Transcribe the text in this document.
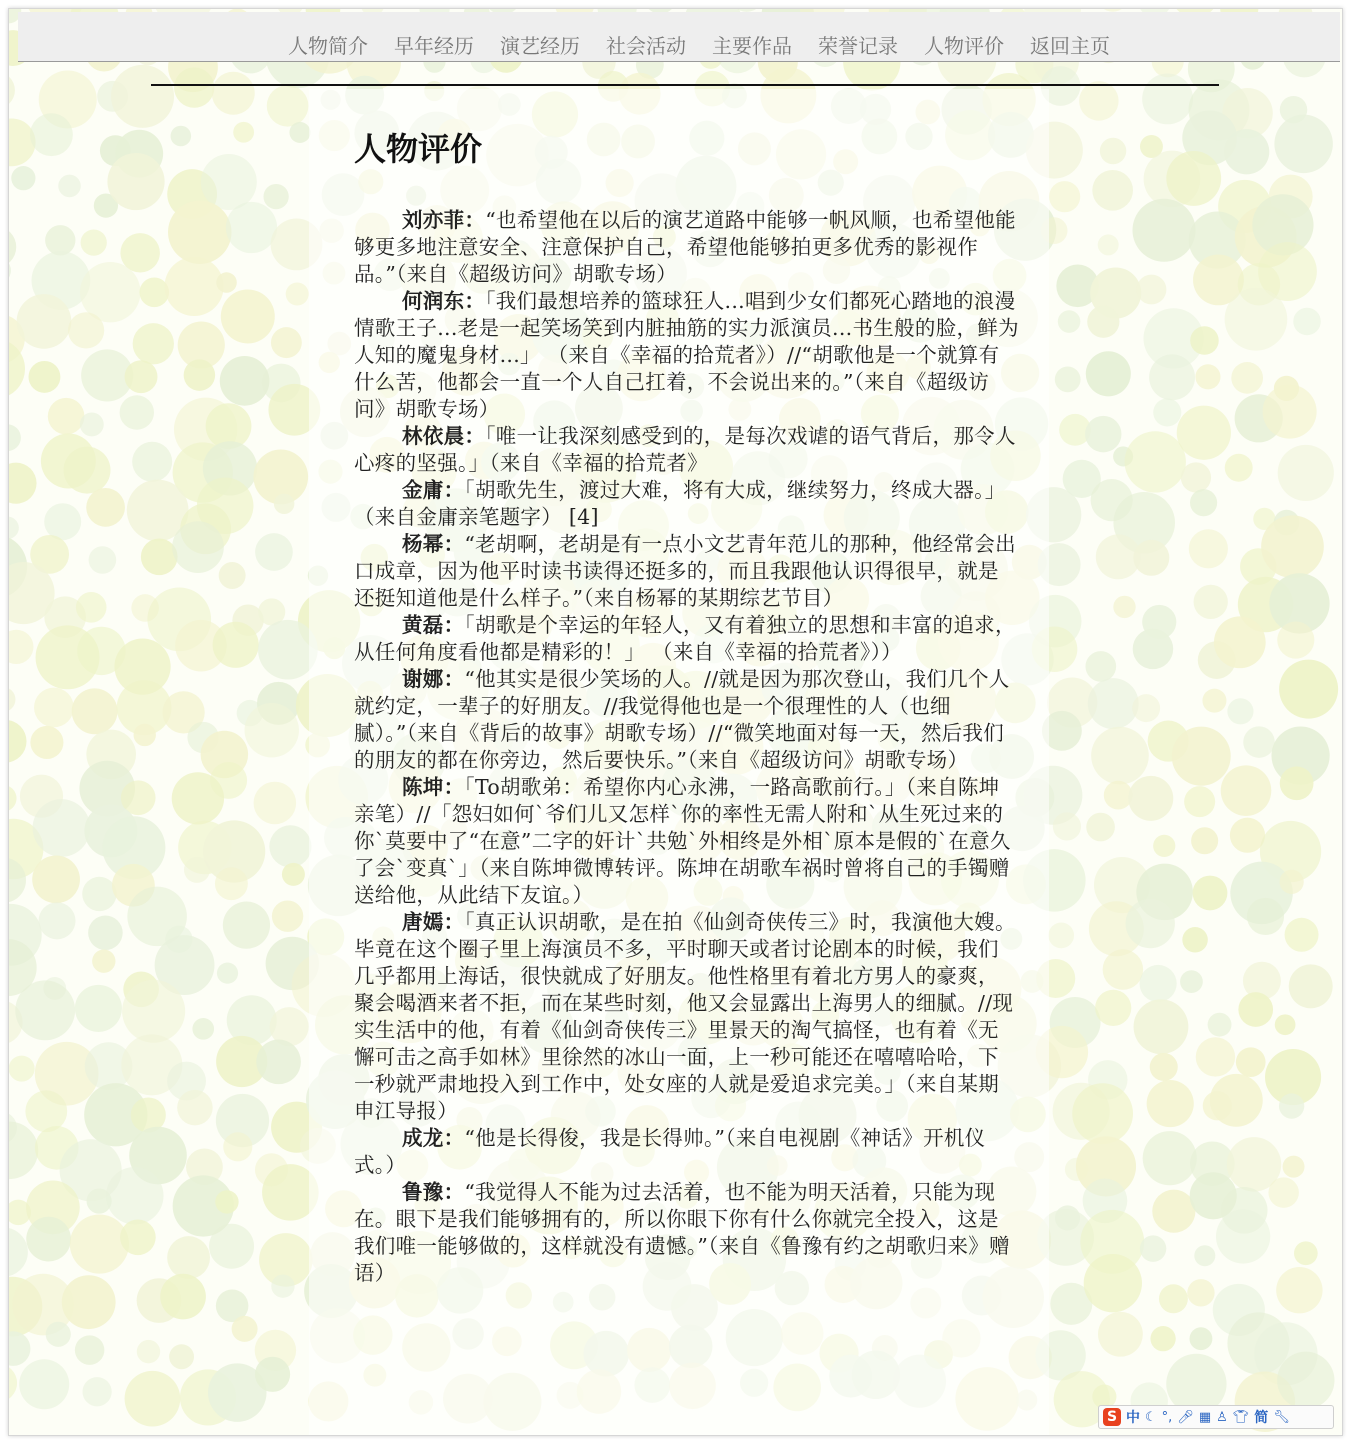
人物简介	早年经历	演艺经历	社会活动	主要作品	荣誉记录	人物评价	返回主页
人物评价

刘亦菲：“也希望他在以后的演艺道路中能够一帆风顺，也希望他能够更多地注意安全、注意保护自己，希望他能够拍更多优秀的影视作品。”（来自《超级访问》胡歌专场）

何润东：「我们最想培养的篮球狂人...唱到少女们都死心踏地的浪漫情歌王子...老是一起笑场笑到内脏抽筋的实力派演员...书生般的脸，鲜为人知的魔鬼身材...」 （来自《幸福的拾荒者》）//“胡歌他是一个就算有什么苦，他都会一直一个人自己扛着，不会说出来的。”（来自《超级访问》胡歌专场）

林依晨：「唯一让我深刻感受到的，是每次戏谑的语气背后，那令人心疼的坚强。」（来自《幸福的拾荒者》

金庸：「胡歌先生，渡过大难，将有大成，继续努力，终成大器。」（来自金庸亲笔题字） [4]

杨幂：“老胡啊，老胡是有一点小文艺青年范儿的那种，他经常会出口成章，因为他平时读书读得还挺多的，而且我跟他认识得很早，就是还挺知道他是什么样子。”（来自杨幂的某期综艺节目）

黄磊：「胡歌是个幸运的年轻人，又有着独立的思想和丰富的追求，从任何角度看他都是精彩的！」 （来自《幸福的拾荒者》））

谢娜：“他其实是很少笑场的人。//就是因为那次登山，我们几个人就约定，一辈子的好朋友。//我觉得他也是一个很理性的人（也细腻）。”（来自《背后的故事》胡歌专场）//“微笑地面对每一天，然后我们的朋友的都在你旁边，然后要快乐。”（来自《超级访问》胡歌专场）

陈坤：「To胡歌弟：希望你内心永沸，一路高歌前行。」（来自陈坤亲笔）//「怨妇如何`爷们儿又怎样`你的率性无需人附和`从生死过来的你`莫要中了“在意”二字的奸计`共勉`外相终是外相`原本是假的`在意久了会`变真`」（来自陈坤微博转评。陈坤在胡歌车祸时曾将自己的手镯赠送给他，从此结下友谊。）

唐嫣：「真正认识胡歌，是在拍《仙剑奇侠传三》时，我演他大嫂。毕竟在这个圈子里上海演员不多，平时聊天或者讨论剧本的时候，我们几乎都用上海话，很快就成了好朋友。他性格里有着北方男人的豪爽，聚会喝酒来者不拒，而在某些时刻，他又会显露出上海男人的细腻。//现实生活中的他，有着《仙剑奇侠传三》里景天的淘气搞怪，也有着《无懈可击之高手如林》里徐然的冰山一面，上一秒可能还在嘻嘻哈哈，下一秒就严肃地投入到工作中，处女座的人就是爱追求完美。」（来自某期申江导报）

成龙：“他是长得俊，我是长得帅。”（来自电视剧《神话》开机仪式。）

鲁豫：“我觉得人不能为过去活着，也不能为明天活着，只能为现在。眼下是我们能够拥有的，所以你眼下你有什么你就完全投入，这是我们唯一能够做的，这样就没有遗憾。”（来自《鲁豫有约之胡歌归来》赠语）

S 中 ☾ °, 🎤︎ ▦ ♙ 👕︎ 简 🔧︎
